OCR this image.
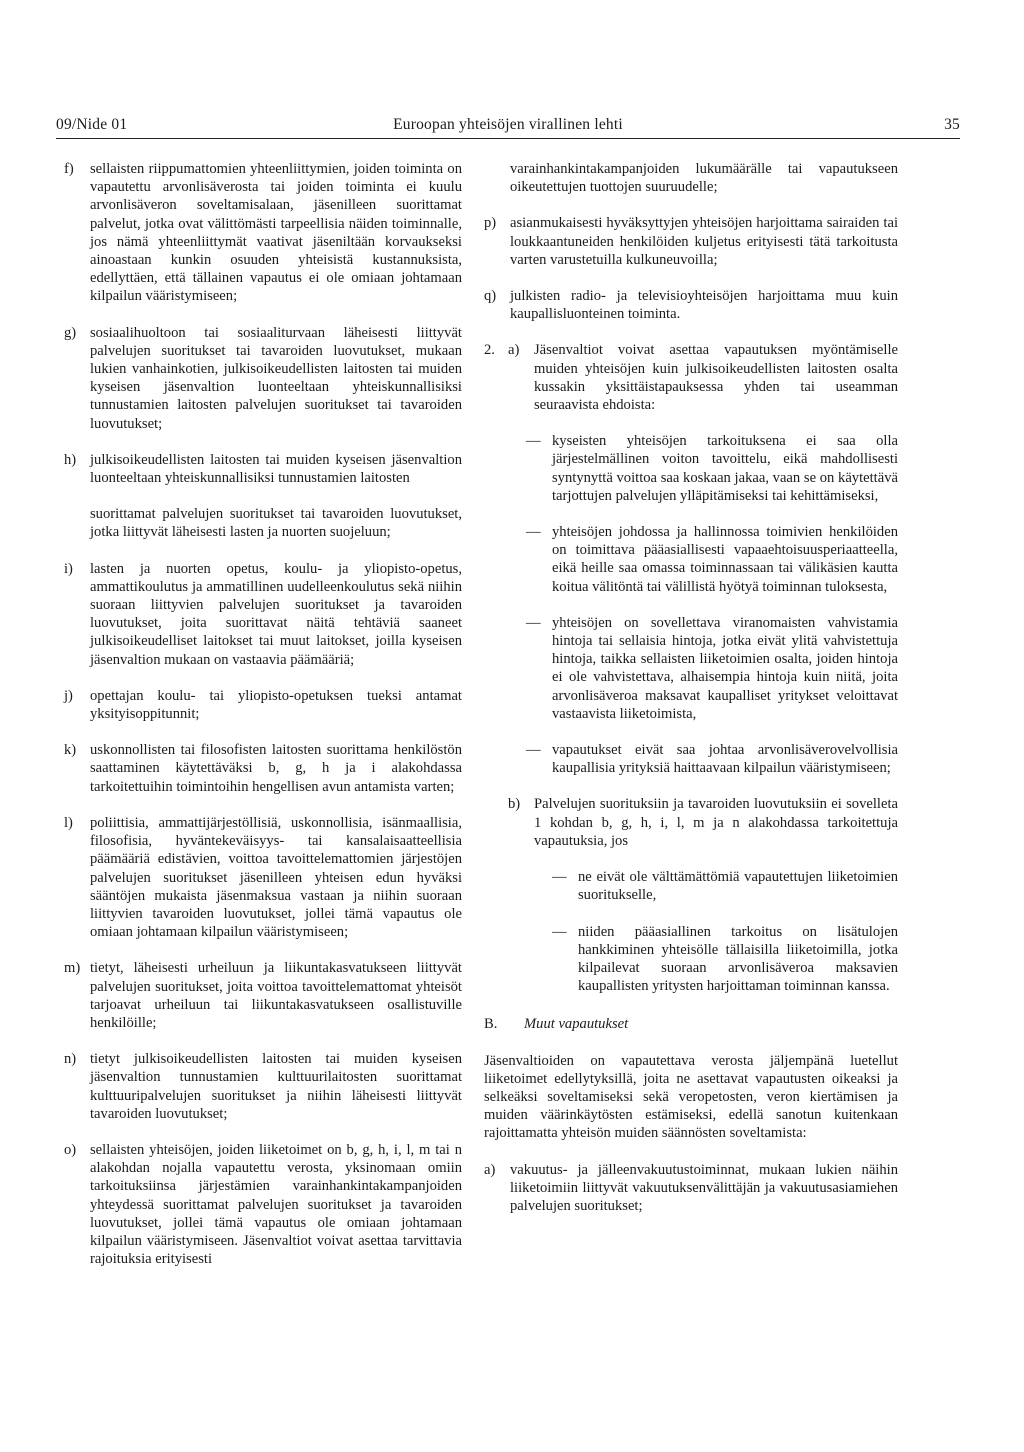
09/Nide 01	Euroopan yhteisöjen virallinen lehti	35

f) sellaisten riippumattomien yhteenliittymien, joiden toiminta on vapautettu arvonlisäverosta tai joiden toiminta ei kuulu arvonlisäveron soveltamisalaan, jäsenilleen suorittamat palvelut, jotka ovat välittömästi tarpeellisia näiden toiminnalle, jos nämä yhteenliittymät vaativat jäseniltään korvaukseksi ainoastaan kunkin osuuden yhteisistä kustannuksista, edellyttäen, että tällainen vapautus ei ole omiaan johtamaan kilpailun vääristymiseen;

g) sosiaalihuoltoon tai sosiaaliturvaan läheisesti liittyvät palvelujen suoritukset tai tavaroiden luovutukset, mukaan lukien vanhainkotien, julkisoikeudellisten laitosten tai muiden kyseisen jäsenvaltion luonteeltaan yhteiskunnallisiksi tunnustamien laitosten palvelujen suoritukset tai tavaroiden luovutukset;

h) julkisoikeudellisten laitosten tai muiden kyseisen jäsenvaltion luonteeltaan yhteiskunnallisiksi tunnustamien laitosten

suorittamat palvelujen suoritukset tai tavaroiden luovutukset, jotka liittyvät läheisesti lasten ja nuorten suojeluun;

i) lasten ja nuorten opetus, koulu- ja yliopisto-opetus, ammattikoulutus ja ammatillinen uudelleenkoulutus sekä niihin suoraan liittyvien palvelujen suoritukset ja tavaroiden luovutukset, joita suorittavat näitä tehtäviä saaneet julkisoikeudelliset laitokset tai muut laitokset, joilla kyseisen jäsenvaltion mukaan on vastaavia päämääriä;

j) opettajan koulu- tai yliopisto-opetuksen tueksi antamat yksityisoppitunnit;

k) uskonnollisten tai filosofisten laitosten suorittama henkilöstön saattaminen käytettäväksi b, g, h ja i alakohdassa tarkoitettuihin toimintoihin hengellisen avun antamista varten;

l) poliittisia, ammattijärjestöllisiä, uskonnollisia, isänmaallisia, filosofisia, hyväntekeväisyys- tai kansalaisaatteellisia päämääriä edistävien, voittoa tavoittelemattomien järjestöjen palvelujen suoritukset jäsenilleen yhteisen edun hyväksi sääntöjen mukaista jäsenmaksua vastaan ja niihin suoraan liittyvien tavaroiden luovutukset, jollei tämä vapautus ole omiaan johtamaan kilpailun vääristymiseen;

m) tietyt, läheisesti urheiluun ja liikuntakasvatukseen liittyvät palvelujen suoritukset, joita voittoa tavoittelemattomat yhteisöt tarjoavat urheiluun tai liikuntakasvatukseen osallistuville henkilöille;

n) tietyt julkisoikeudellisten laitosten tai muiden kyseisen jäsenvaltion tunnustamien kulttuurilaitosten suorittamat kulttuuripalvelujen suoritukset ja niihin läheisesti liittyvät tavaroiden luovutukset;

o) sellaisten yhteisöjen, joiden liiketoimet on b, g, h, i, l, m tai n alakohdan nojalla vapautettu verosta, yksinomaan omiin tarkoituksiinsa järjestämien varainhankintakampanjoiden yhteydessä suorittamat palvelujen suoritukset ja tavaroiden luovutukset, jollei tämä vapautus ole omiaan johtamaan kilpailun vääristymiseen. Jäsenvaltiot voivat asettaa tarvittavia rajoituksia erityisesti

varainhankintakampanjoiden lukumäärälle tai vapautukseen oikeutettujen tuottojen suuruudelle;

p) asianmukaisesti hyväksyttyjen yhteisöjen harjoittama sairaiden tai loukkaantuneiden henkilöiden kuljetus erityisesti tätä tarkoitusta varten varustetuilla kulkuneuvoilla;

q) julkisten radio- ja televisioyhteisöjen harjoittama muu kuin kaupallisluonteinen toiminta.

2. a) Jäsenvaltiot voivat asettaa vapautuksen myöntämiselle muiden yhteisöjen kuin julkisoikeudellisten laitosten osalta kussakin yksittäistapauksessa yhden tai useamman seuraavista ehdoista:

— kyseisten yhteisöjen tarkoituksena ei saa olla järjestelmällinen voiton tavoittelu, eikä mahdollisesti syntynyttä voittoa saa koskaan jakaa, vaan se on käytettävä tarjottujen palvelujen ylläpitämiseksi tai kehittämiseksi,

— yhteisöjen johdossa ja hallinnossa toimivien henkilöiden on toimittava pääasiallisesti vapaaehtoisuusperiaatteella, eikä heille saa omassa toiminnassaan tai välikäsien kautta koitua välitöntä tai välillistä hyötyä toiminnan tuloksesta,

— yhteisöjen on sovellettava viranomaisten vahvistamia hintoja tai sellaisia hintoja, jotka eivät ylitä vahvistettuja hintoja, taikka sellaisten liiketoimien osalta, joiden hintoja ei ole vahvistettava, alhaisempia hintoja kuin niitä, joita arvonlisäveroa maksavat kaupalliset yritykset veloittavat vastaavista liiketoimista,

— vapautukset eivät saa johtaa arvonlisäverovelvollisia kaupallisia yrityksiä haittaavaan kilpailun vääristymiseen;

b) Palvelujen suorituksiin ja tavaroiden luovutuksiin ei sovelleta 1 kohdan b, g, h, i, l, m ja n alakohdassa tarkoitettuja vapautuksia, jos

— ne eivät ole välttämättömiä vapautettujen liiketoimien suoritukselle,

— niiden pääasiallinen tarkoitus on lisätulojen hankkiminen yhteisölle tällaisilla liiketoimilla, jotka kilpailevat suoraan arvonlisäveroa maksavien kaupallisten yritysten harjoittaman toiminnan kanssa.

B. Muut vapautukset

Jäsenvaltioiden on vapautettava verosta jäljempänä luetellut liiketoimet edellytyksillä, joita ne asettavat vapautusten oikeaksi ja selkeäksi soveltamiseksi sekä veropetosten, veron kiertämisen ja muiden väärinkäytösten estämiseksi, edellä sanotun kuitenkaan rajoittamatta yhteisön muiden säännösten soveltamista:

a) vakuutus- ja jälleenvakuutustoiminnat, mukaan lukien näihin liiketoimiin liittyvät vakuutuksenvälittäjän ja vakuutusasiamiehen palvelujen suoritukset;
